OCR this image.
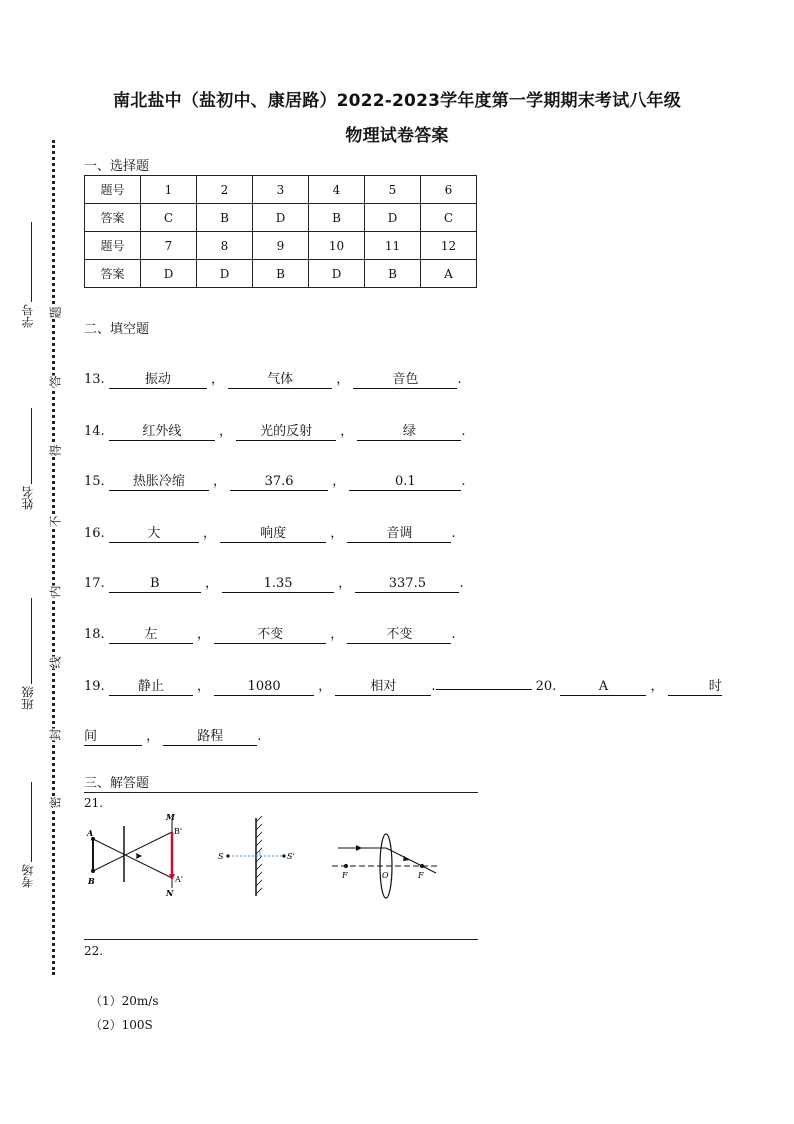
南北盐中（盐初中、康居路）2022-2023学年度第一学期期末考试八年级
物理试卷答案
学号
姓名
班级
考场
题
答
得
不
内
线
封
密
一、选择题
题号	1	2	3	4	5	6
答案	C	B	D	B	D	C
题号	7	8	9	10	11	12
答案	D	D	B	D	B	A
二、填空题
13.	振动	，	气体	，	音色	.
14.	红外线	， 光的反射 ，	绿	.
15. 热胀冷缩 ，	37.6	，	0.1	.
16.	大	，	响度	，	音调	.
17.	B	，	1.35	，	337.5	.
18.	左	，	不变	，	不变	.
19.	静止 ，	1080	，	相对	.	20.	A	，	时
间	，	路程	.
三、解答题
21.
A
B
M
N
B'
A'
S	S'
F	O	F
22.
（1）20m/s
（2）100S
